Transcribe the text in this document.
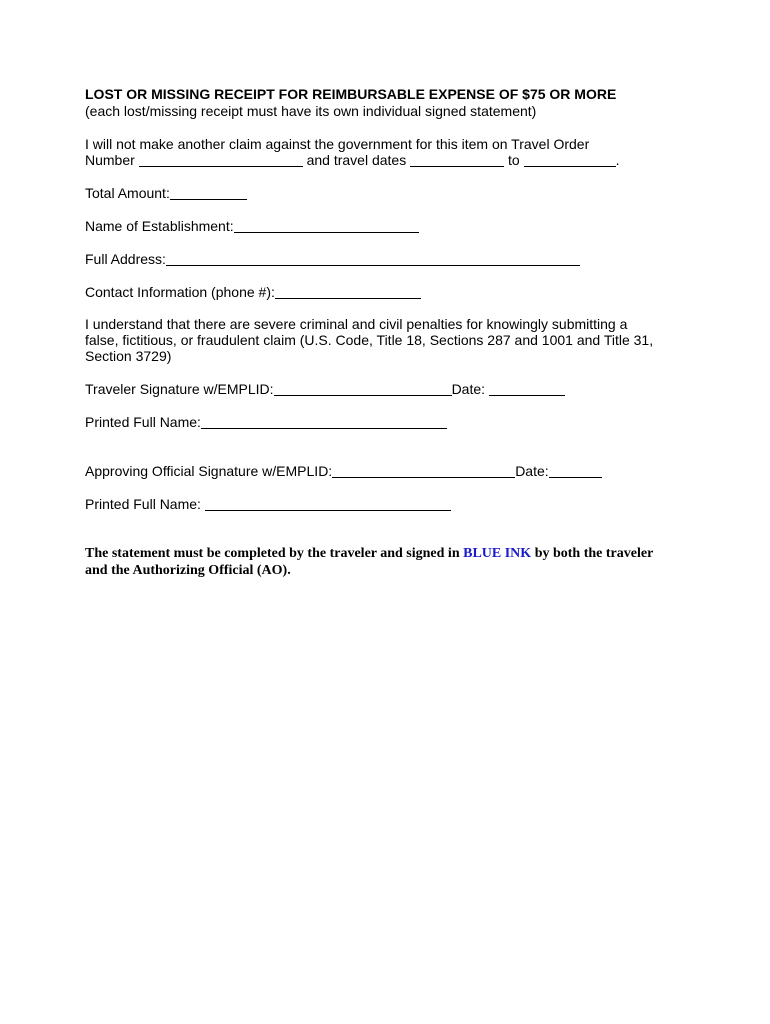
LOST OR MISSING RECEIPT FOR REIMBURSABLE EXPENSE OF $75 OR MORE
(each lost/missing receipt must have its own individual signed statement)
I will not make another claim against the government for this item on Travel Order
Number	and travel dates	to	.
Total Amount:
Name of Establishment:
Full Address:
Contact Information (phone #):
I understand that there are severe criminal and civil penalties for knowingly submitting a
false, fictitious, or fraudulent claim (U.S. Code, Title 18, Sections 287 and 1001 and Title 31,
Section 3729)
Traveler Signature w/EMPLID:	Date:
Printed Full Name:
Approving Official Signature w/EMPLID:	Date:
Printed Full Name:
The statement must be completed by the traveler and signed in BLUE INK by both the traveler
and the Authorizing Official (AO).
